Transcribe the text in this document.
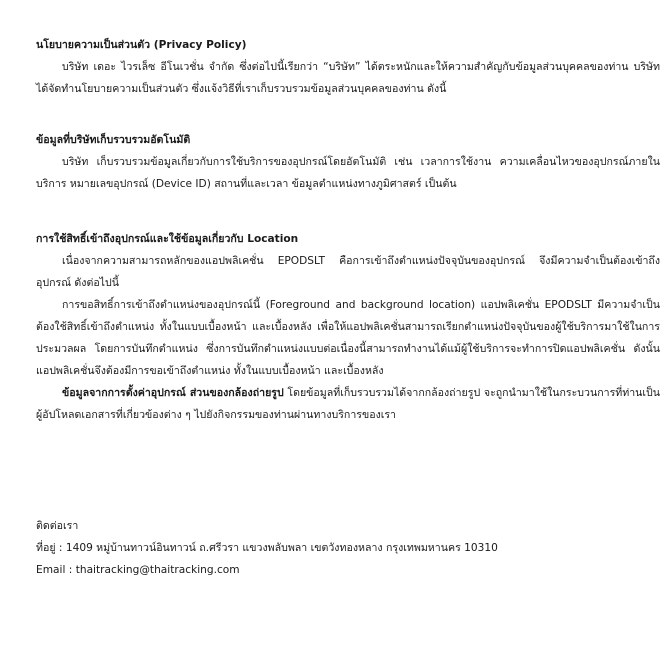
นโยบายความเป็นส่วนตัว (Privacy Policy)

บริษัท เดอะ ไวรเล็ซ อีโนเวชั่น จำกัด ซึ่งต่อไปนี้เรียกว่า “บริษัท” ได้ตระหนักและให้ความสำคัญกับข้อมูลส่วนบุคคลของท่าน บริษัท ได้จัดทำนโยบายความเป็นส่วนตัว ซึ่งแจ้งวิธีที่เราเก็บรวบรวมข้อมูลส่วนบุคคลของท่าน ดังนี้

ข้อมูลที่บริษัทเก็บรวบรวมอัตโนมัติ

บริษัท เก็บรวบรวมข้อมูลเกี่ยวกับการใช้บริการของอุปกรณ์โดยอัตโนมัติ เช่น เวลาการใช้งาน ความเคลื่อนไหวของอุปกรณ์ภายในบริการ หมายเลขอุปกรณ์ (Device ID) สถานที่และเวลา ข้อมูลตำแหน่งทางภูมิศาสตร์ เป็นต้น

การใช้สิทธิ์เข้าถึงอุปกรณ์และใช้ข้อมูลเกี่ยวกับ Location

เนื่องจากความสามารถหลักของแอปพลิเคชั่น EPODSLT คือการเข้าถึงตำแหน่งปัจจุบันของอุปกรณ์ จึงมีความจำเป็นต้องเข้าถึงอุปกรณ์ ดังต่อไปนี้

การขอสิทธิ์การเข้าถึงตำแหน่งของอุปกรณ์นี้ (Foreground and background location) แอปพลิเคชั่น EPODSLT มีความจำเป็นต้องใช้สิทธิ์เข้าถึงตำแหน่ง ทั้งในแบบเบื้องหน้า และเบื้องหลัง เพื่อให้แอปพลิเคชั่นสามารถเรียกตำแหน่งปัจจุบันของผู้ใช้บริการมาใช้ในการประมวลผล โดยการบันทึกตำแหน่ง ซึ่งการบันทึกตำแหน่งแบบต่อเนื่องนี้สามารถทำงานได้แม้ผู้ใช้บริการจะทำการปิดแอปพลิเคชั่น ดังนั้น แอปพลิเคชั่นจึงต้องมีการขอเข้าถึงตำแหน่ง ทั้งในแบบเบื้องหน้า และเบื้องหลัง

ข้อมูลจากการตั้งค่าอุปกรณ์ ส่วนของกล้องถ่ายรูป โดยข้อมูลที่เก็บรวบรวมได้จากกล้องถ่ายรูป จะถูกนำมาใช้ในกระบวนการที่ท่านเป็นผู้อัปโหลดเอกสารที่เกี่ยวข้องต่าง ๆ ไปยังกิจกรรมของท่านผ่านทางบริการของเรา

ติดต่อเรา

ที่อยู่ : 1409 หมู่บ้านทาวน์อินทาวน์ ถ.ศรีวรา แขวงพลับพลา เขตวังทองหลาง กรุงเทพมหานคร 10310

Email : thaitracking@thaitracking.com
